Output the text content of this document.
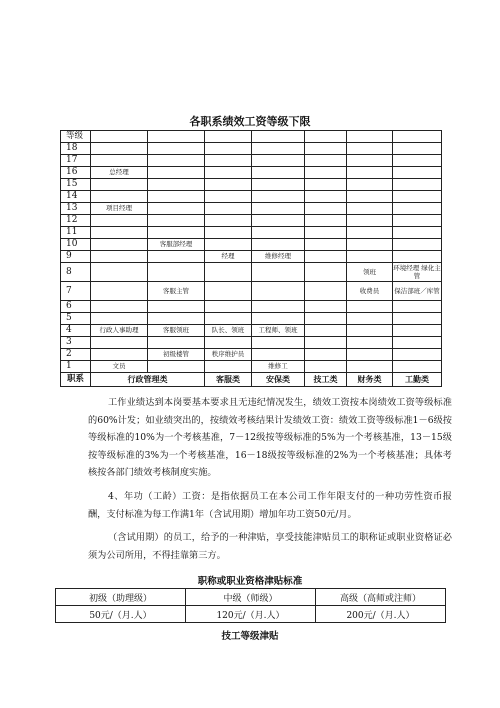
各职系绩效工资等级下限
等级							
18							
17							
16	总经理						
15							
14							
13	项目经理						
12							
11							
10		客服部经理					
9			经理	维修经理			
8						领班	环境经理 绿化主管
7		客服主管				收费员	保洁部班／库管
6							
5							
4	行政人事助理	客服领班	队长、领班	工程师、领班			
3							
2		初级楼管	秩序维护员				
1	文员			维修工			
职系	行政管理类		客服类	安保类	技工类	财务类	工勤类
工作业绩达到本岗要基本要求且无违纪情况发生，绩效工资按本岗绩效工资等级标准的60%计发；如业绩突出的，按绩效考核结果计发绩效工资：绩效工资等级标准1－6级按等级标准的10%为一个考核基准，7－12级按等级标准的5%为一个考核基准，13－15级按等级标准的3%为一个考核基准，16－18级按等级标准的2%为一个考核基准；具体考核按各部门绩效考核制度实施。
4、年功（工龄）工资：是指依据员工在本公司工作年限支付的一种功劳性资币报酬，支付标准为每工作满1年（含试用期）增加年功工资50元/月。
（含试用期）的员工，给予的一种津贴，享受技能津贴员工的职称证或职业资格证必须为公司所用，不得挂靠第三方。
职称或职业资格津贴标准
初级（助理级）	中级（师级）	高级（高师或注师）
50元/（月.人）	120元/（月.人）	200元/（月.人）
技工等级津贴
